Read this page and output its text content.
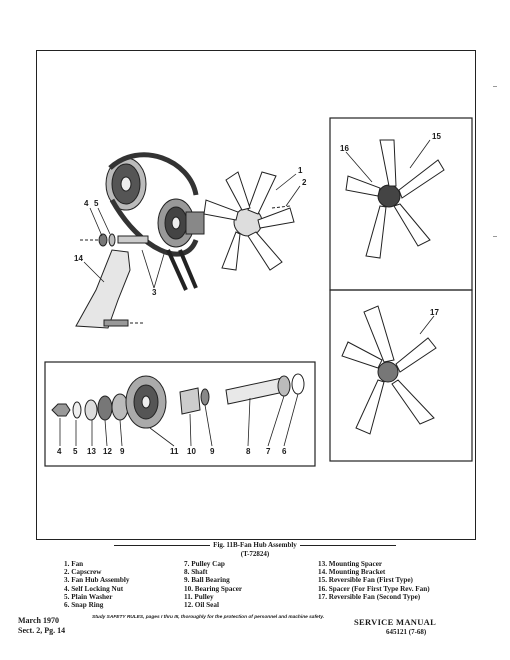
1
2
4 5
14
3
4 5 13 12 9	11 10 9	8 7 6
15
16
17
Fig. 11B-Fan Hub Assembly
(T-72824)
1. Fan
2. Capscrew
3. Fan Hub Assembly
4. Self Locking Nut
5. Plain Washer
6. Snap Ring
7. Pulley Cap
8. Shaft
9. Ball Bearing
10. Bearing Spacer
11. Pulley
12. Oil Seal
13. Mounting Spacer
14. Mounting Bracket
15. Reversible Fan (First Type)
16. Spacer (For First Type Rev. Fan)
17. Reversible Fan (Second Type)
March 1970	Study SAFETY RULES, pages I thru III, thoroughly for the protection of personnel and machine safety.
Sect. 2, Pg. 14
SERVICE MANUAL
645121 (7-68)
